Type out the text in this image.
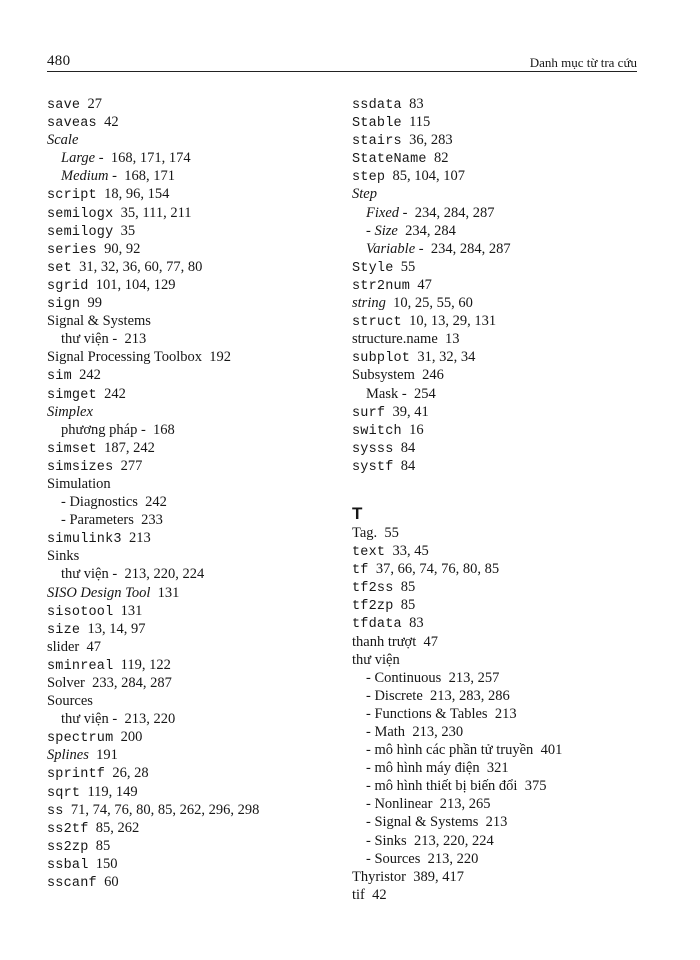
480	Danh mục từ tra cứu
save  27
saveas  42
Scale
Large -  168, 171, 174
Medium -  168, 171
script  18, 96, 154
semilogx  35, 111, 211
semilogy  35
series  90, 92
set  31, 32, 36, 60, 77, 80
sgrid  101, 104, 129
sign  99
Signal & Systems
thư viện -  213
Signal Processing Toolbox  192
sim  242
simget  242
Simplex
phương pháp -  168
simset  187, 242
simsizes  277
Simulation
- Diagnostics  242
- Parameters  233
simulink3  213
Sinks
thư viện -  213, 220, 224
SISO Design Tool  131
sisotool  131
size  13, 14, 97
slider  47
sminreal  119, 122
Solver  233, 284, 287
Sources
thư viện -  213, 220
spectrum  200
Splines  191
sprintf  26, 28
sqrt  119, 149
ss  71, 74, 76, 80, 85, 262, 296, 298
ss2tf  85, 262
ss2zp  85
ssbal  150
sscanf  60
ssdata  83
Stable  115
stairs  36, 283
StateName  82
step  85, 104, 107
Step
Fixed -  234, 284, 287
- Size  234, 284
Variable -  234, 284, 287
Style  55
str2num  47
string  10, 25, 55, 60
struct  10, 13, 29, 131
structure.name  13
subplot  31, 32, 34
Subsystem  246
Mask -  254
surf  39, 41
switch  16
sysss  84
systf  84
T
Tag.  55
text  33, 45
tf  37, 66, 74, 76, 80, 85
tf2ss  85
tf2zp  85
tfdata  83
thanh trượt  47
thư viện
- Continuous  213, 257
- Discrete  213, 283, 286
- Functions & Tables  213
- Math  213, 230
- mô hình các phần tử truyền  401
- mô hình máy điện  321
- mô hình thiết bị biến đổi  375
- Nonlinear  213, 265
- Signal & Systems  213
- Sinks  213, 220, 224
- Sources  213, 220
Thyristor  389, 417
tif  42
